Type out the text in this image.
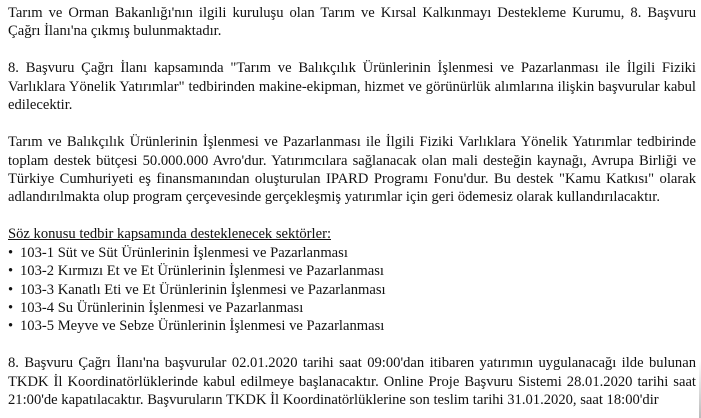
Tarım ve Orman Bakanlığı'nın ilgili kuruluşu olan Tarım ve Kırsal Kalkınmayı Destekleme Kurumu, 8. Başvuru Çağrı İlanı'na çıkmış bulunmaktadır.

8. Başvuru Çağrı İlanı kapsamında "Tarım ve Balıkçılık Ürünlerinin İşlenmesi ve Pazarlanması ile İlgili Fiziki Varlıklara Yönelik Yatırımlar" tedbirinden makine-ekipman, hizmet ve görünürlük alımlarına ilişkin başvurular kabul edilecektir.

Tarım ve Balıkçılık Ürünlerinin İşlenmesi ve Pazarlanması ile İlgili Fiziki Varlıklara Yönelik Yatırımlar tedbirinde toplam destek bütçesi 50.000.000 Avro'dur. Yatırımcılara sağlanacak olan mali desteğin kaynağı, Avrupa Birliği ve Türkiye Cumhuriyeti eş finansmanından oluşturulan IPARD Programı Fonu'dur. Bu destek "Kamu Katkısı" olarak adlandırılmakta olup program çerçevesinde gerçekleşmiş yatırımlar için geri ödemesiz olarak kullandırılacaktır.

Söz konusu tedbir kapsamında desteklenecek sektörler:
• 103-1 Süt ve Süt Ürünlerinin İşlenmesi ve Pazarlanması
• 103-2 Kırmızı Et ve Et Ürünlerinin İşlenmesi ve Pazarlanması
• 103-3 Kanatlı Eti ve Et Ürünlerinin İşlenmesi ve Pazarlanması
• 103-4 Su Ürünlerinin İşlenmesi ve Pazarlanması
• 103-5 Meyve ve Sebze Ürünlerinin İşlenmesi ve Pazarlanması

8. Başvuru Çağrı İlanı'na başvurular 02.01.2020 tarihi saat 09:00'dan itibaren yatırımın uygulanacağı ilde bulunan TKDK İl Koordinatörlüklerinde kabul edilmeye başlanacaktır. Online Proje Başvuru Sistemi 28.01.2020 tarihi saat 21:00'de kapatılacaktır. Başvuruların TKDK İl Koordinatörlüklerine son teslim tarihi 31.01.2020, saat 18:00'dir
